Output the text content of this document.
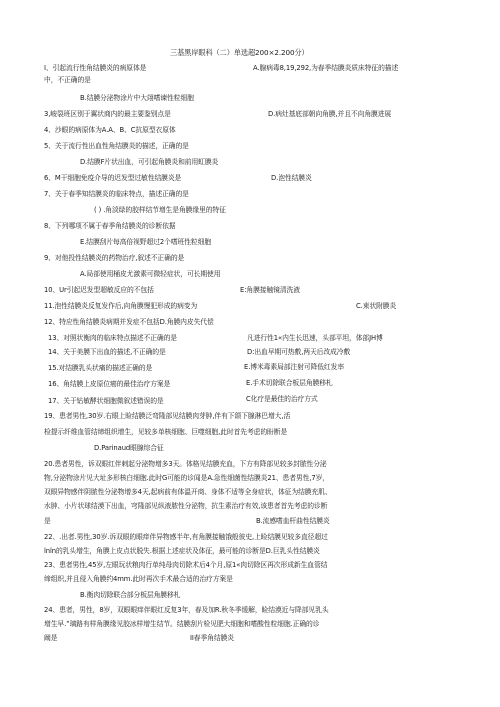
三基黑岸眼科（二）单选超200×2.200分）
I、引起流行性角结膜炎的病原体是	A.腺病毒8,19,292,为春季结膜炎质床特征的描述
中，不正确的是
B.结膜分泌物涂片中大翊嗜谏性粒细胞
3,峻裂班区别于翼状商内的最主要鉴别点是	D.病灶基底部朝向角膜,并且不向角膜进展
4、沙眼的病原体为A.A、B、C抗原型衣原体
5、关于流行性出血性角结膜炎的描述，正确的是
D.结膜F片状出血，可引起角膜炎和前用虹膜炎
6、M干细胞免疫介导的迟发型过敏性结膜炎是	D.泡性结膜炎
7、关于春季知结膜炎的临床特点，描述正确的是
( ) .角淡绿的胶样结节增生是角膜缘里的特征
8、下列哪项不属于春季角结膜炎的诊断依据
E.结膜刮片每高倍视野超过2个嗜班性粒细胞
9、对他投性结膜炎的药物治疗,叙述不正确的是
A.局部使用桶皮尤激素可微轻症状，可长期使用
10、Ur引起迟发型超敏反应的不包括	E:角膜接触镜清洗液
11.泡性结膜炎反复发作后,向角膜慢犯形成的病变为	C.束状附膜炎
12、特应性角结膜炎病期并发症不包括D.角膜内皮失代偿
13、对照状衡肉的临床特点描述不正确的是	凡进行性1«内生长迅速，头部平坦，体部JH博
14、关于美膜下出血的描述,不正确的是	D:出血早期可热敷,两天后改成冷敷
15.对结膜乳头状痛的描述正确的是	E.博米毒素局部注射可降低红发率
16、角结膜上皮原位癌的最佳治疗方案是	E.手术切除联合板层角膜移札
17、关于钻敏酵状细胞微叙述错误的是	C化疗是最佳的治疗方式
19、患者男性,30岁.右眼上睑结膜泛弯隆部见结膜肉芽肿,伴有下颌下腺淋巴增大,活
检提示纤维血管结缔组织增生，见较多单核细胞、巨噬细胞,此时首先考虑的盼断是
D.Parinaud眼腺综合征
20.患者男性，诉双眼红伴刺起分泌物增多3天。体格见结膜充血，下方有降部见较多封脓性分泌
物,分泌物涂片见大址多形核白细胞.此时G可能的诊闻是A.急性细菌性结膜炎21、患者男性,7岁，
双眼异物感伴阴脓性分泌物增多4天,起病前有体温开商、身体不适等全身症状，体征为结膜充肌、
水肿、小片状球结漠下出血，穹隆部见纵液脓性分泌物，抗生素治疗有效,该患者首先考虑的诊断
是	B.流感嗜血杆曲性结膜炎
22、.出者.男性,30岁.诉双眼的眼痒伴异物感半年,有角膜接触饿般彼史,上睑结膜见较多直径超过
lnln的乳头增生，角膜上皮点状脱失.根据上述症状及体征，最可能的诊断是D.巨乳头性结膜炎
23、患者男性,45岁,左眼玩状粮肉行单纯母肉切除术后4个月,原1«肉切除区再次形成新生血管结
缔组织,并且侵入角膜约4mm.此时再次手术最合适的治疗方案是
B.衡肉切除联合部分板层角膜移札
24、患者，男性，8岁，双眼眼痒伴眼红反复3年，春及加R.秋冬季缓解，睑结漠近与降部见乳头
增生早.”璃路有样角膜缘见胶冰样增生结节。结膜刮片检见肥大细胞和嗜酸性粒细胞.正确的诊
阚是	II春季角结膜炎
